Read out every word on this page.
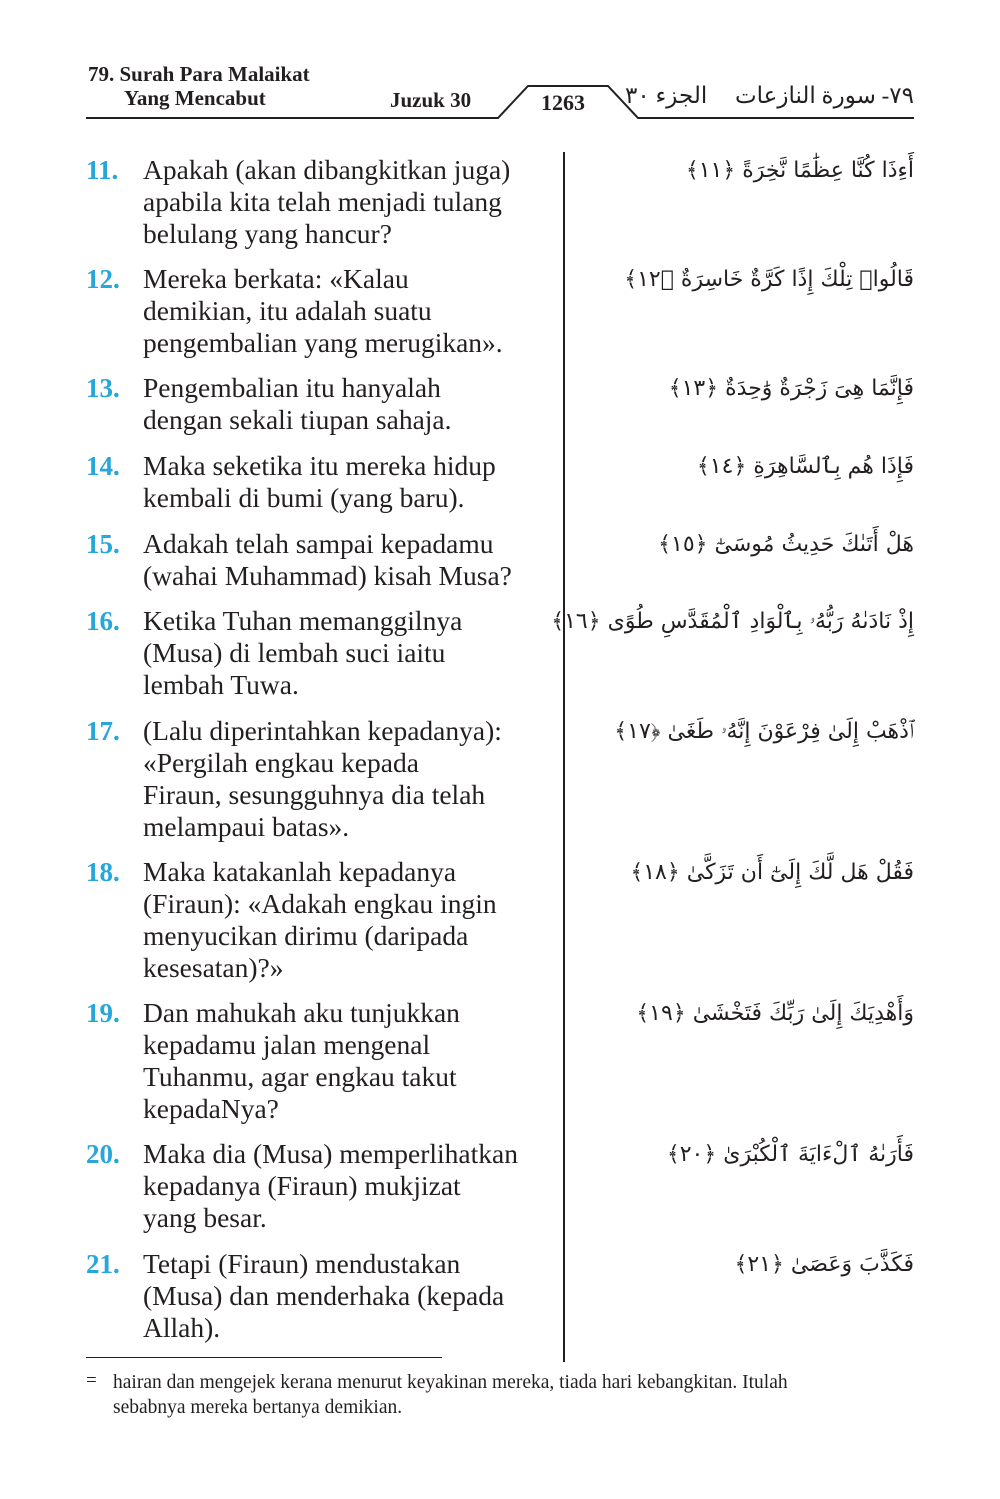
79. Surah Para Malaikat
Yang Mencabut	Juzuk 30	1263 الجزء ٣٠ ٧٩- سورة النازعات
11. Apakah (akan dibangkitkan juga)
apabila kita telah menjadi tulang
belulang yang hancur?
أَءِذَا كُنَّا عِظَٰمًا نَّخِرَةً ﴿١١﴾
12. Mereka berkata: «Kalau
demikian, itu adalah suatu
pengembalian yang merugikan».
قَالُوا۟ تِلْكَ إِذًا كَرَّةٌ خَاسِرَةٌ ﴿١٢﴾
13. Pengembalian itu hanyalah
dengan sekali tiupan sahaja.
فَإِنَّمَا هِىَ زَجْرَةٌ وَٰحِدَةٌ ﴿١٣﴾
14. Maka seketika itu mereka hidup
kembali di bumi (yang baru).
فَإِذَا هُم بِٱلسَّاهِرَةِ ﴿١٤﴾
15. Adakah telah sampai kepadamu
(wahai Muhammad) kisah Musa?
هَلْ أَتَىٰكَ حَدِيثُ مُوسَىٰٓ ﴿١٥﴾
16. Ketika Tuhan memanggilnya
(Musa) di lembah suci iaitu
lembah Tuwa.
إِذْ نَادَىٰهُ رَبُّهُۥ بِٱلْوَادِ ٱلْمُقَدَّسِ طُوًى ﴿١٦﴾
17. (Lalu diperintahkan kepadanya):
«Pergilah engkau kepada
Firaun, sesungguhnya dia telah
melampaui batas».
ٱذْهَبْ إِلَىٰ فِرْعَوْنَ إِنَّهُۥ طَغَىٰ ﴿١٧﴾
18. Maka katakanlah kepadanya
(Firaun): «Adakah engkau ingin
menyucikan dirimu (daripada
kesesatan)?»
فَقُلْ هَل لَّكَ إِلَىٰٓ أَن تَزَكَّىٰ ﴿١٨﴾
19. Dan mahukah aku tunjukkan
kepadamu jalan mengenal
Tuhanmu, agar engkau takut
kepadaNya?
وَأَهْدِيَكَ إِلَىٰ رَبِّكَ فَتَخْشَىٰ ﴿١٩﴾
20. Maka dia (Musa) memperlihatkan
kepadanya (Firaun) mukjizat
yang besar.
فَأَرَىٰهُ ٱلْءَايَةَ ٱلْكُبْرَىٰ ﴿٢٠﴾
21. Tetapi (Firaun) mendustakan
(Musa) dan menderhaka (kepada
Allah).
فَكَذَّبَ وَعَصَىٰ ﴿٢١﴾
= hairan dan mengejek kerana menurut keyakinan mereka, tiada hari kebangkitan. Itulah
sebabnya mereka bertanya demikian.
